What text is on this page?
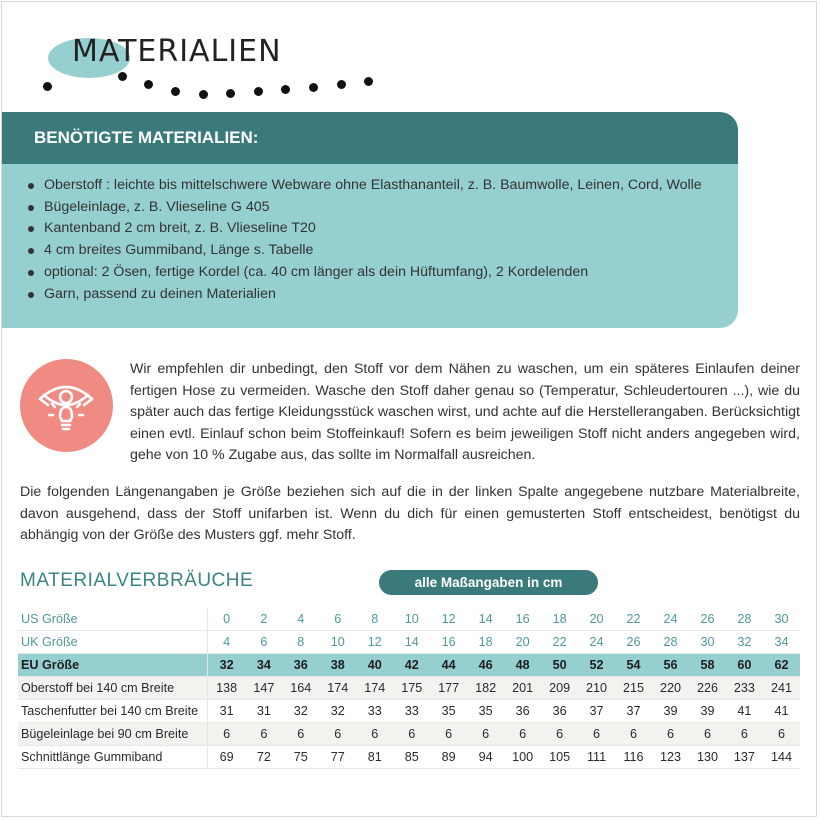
MATERIALIEN
BENÖTIGTE MATERIALIEN:
Oberstoff : leichte bis mittelschwere Webware ohne Elasthananteil, z. B. Baumwolle, Leinen, Cord, Wolle
Bügeleinlage, z. B. Vlieseline G 405
Kantenband 2 cm breit, z. B. Vlieseline T20
4 cm breites Gummiband, Länge s. Tabelle
optional: 2 Ösen, fertige Kordel (ca. 40 cm länger als dein Hüftumfang), 2 Kordelenden
Garn, passend zu deinen Materialien
Wir empfehlen dir unbedingt, den Stoff vor dem Nähen zu waschen, um ein späteres Einlaufen deiner fertigen Hose zu vermeiden. Wasche den Stoff daher genau so (Temperatur, Schleudertouren ...), wie du später auch das fertige Kleidungsstück waschen wirst, und achte auf die Herstellerangaben. Berücksichtigt einen evtl. Einlauf schon beim Stoffeinkauf! Sofern es beim jeweiligen Stoff nicht anders angegeben wird, gehe von 10 % Zugabe aus, das sollte im Normalfall ausreichen.
Die folgenden Längenangaben je Größe beziehen sich auf die in der linken Spalte angegebene nutzbare Materialbreite, davon ausgehend, dass der Stoff unifarben ist. Wenn du dich für einen gemusterten Stoff entscheidest, benötigst du abhängig von der Größe des Musters ggf. mehr Stoff.
MATERIALVERBRÄUCHE	alle Maßangaben in cm
US Größe	0	2	4	6	8	10	12	14	16	18	20	22	24	26	28	30
UK Größe	4	6	8	10	12	14	16	18	20	22	24	26	28	30	32	34
EU Größe	32	34	36	38	40	42	44	46	48	50	52	54	56	58	60	62
Oberstoff bei 140 cm Breite	138	147	164	174	174	175	177	182	201	209	210	215	220	226	233	241
Taschenfutter bei 140 cm Breite	31	31	32	32	33	33	35	35	36	36	37	37	39	39	41	41
Bügeleinlage bei 90 cm Breite	6	6	6	6	6	6	6	6	6	6	6	6	6	6	6	6
Schnittlänge Gummiband	69	72	75	77	81	85	89	94	100	105	111	116	123	130	137	144
